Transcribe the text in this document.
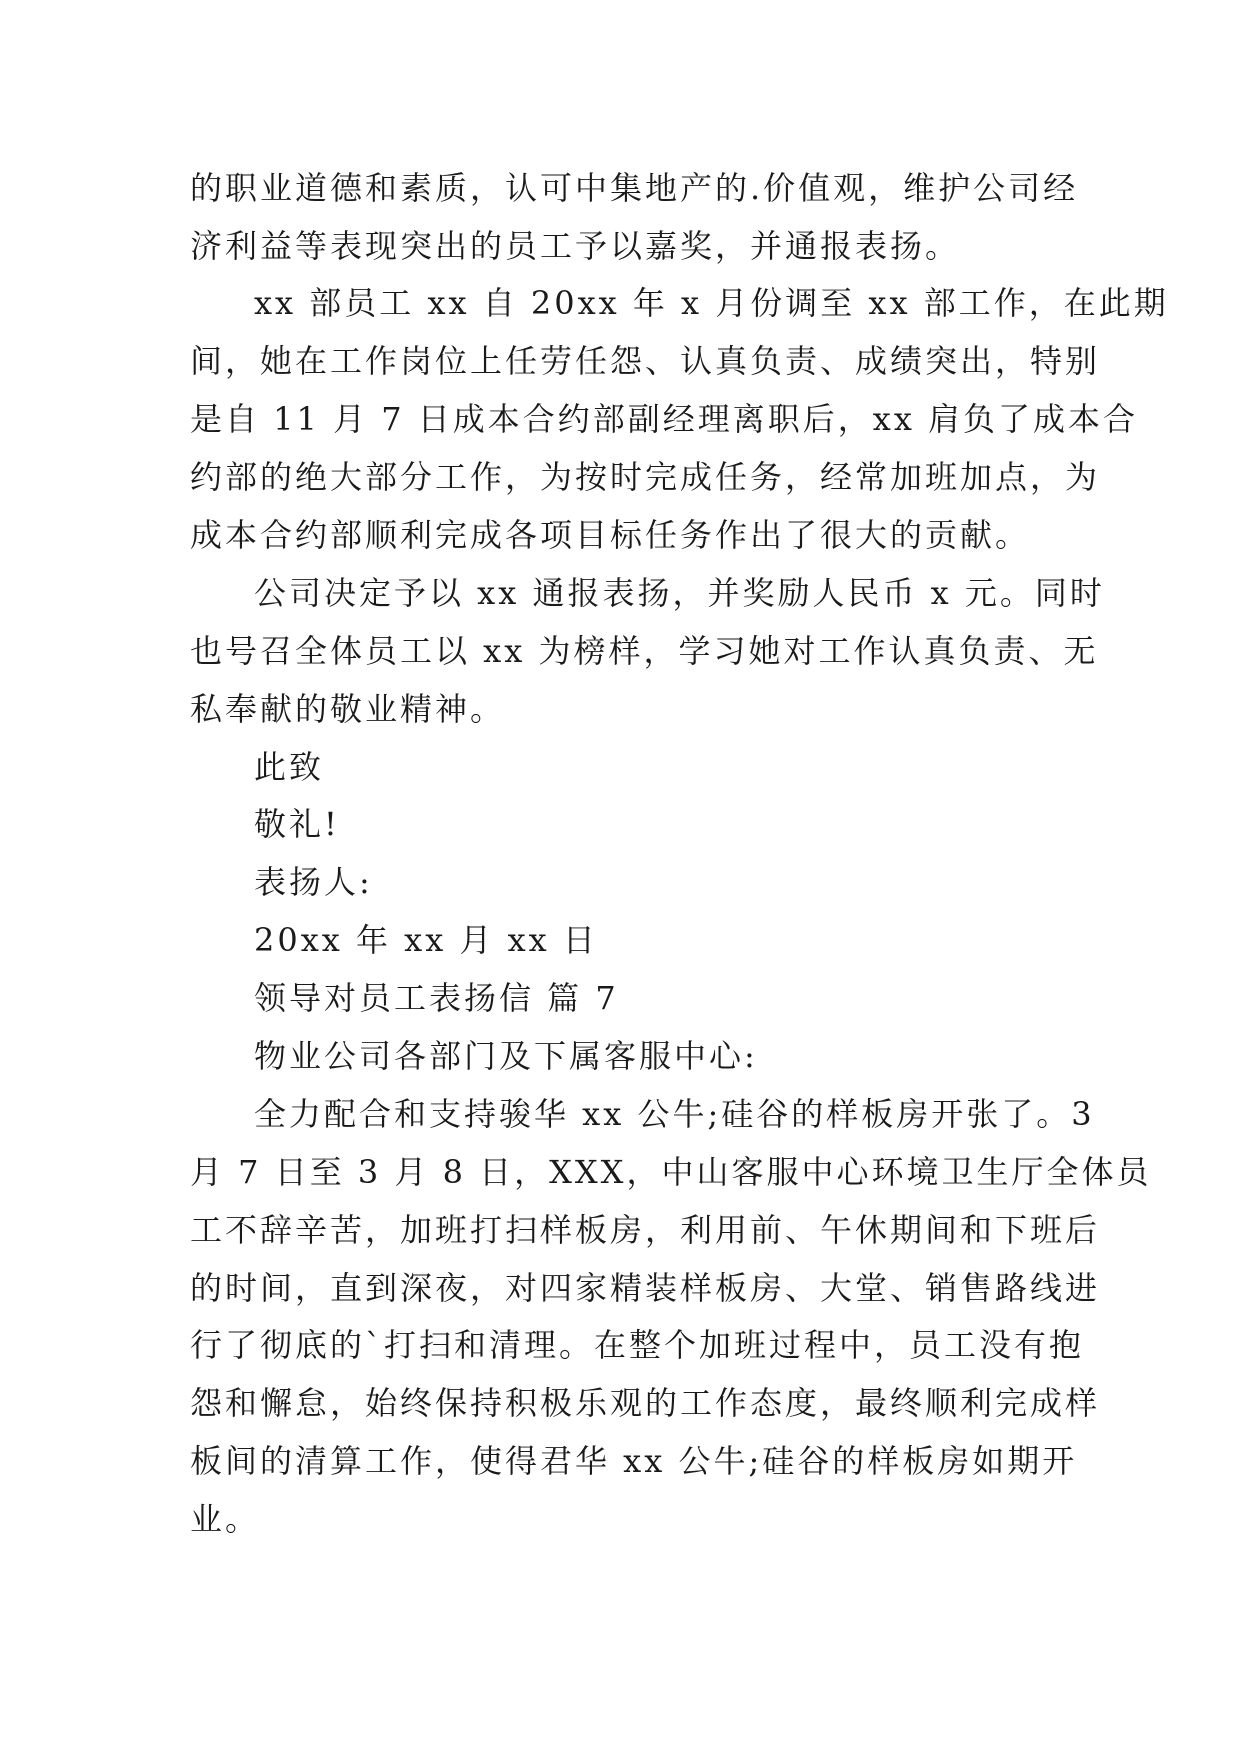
的职业道德和素质，认可中集地产的.价值观，维护公司经
济利益等表现突出的员工予以嘉奖，并通报表扬。
xx 部员工 xx 自 20xx 年 x 月份调至 xx 部工作，在此期
间，她在工作岗位上任劳任怨、认真负责、成绩突出，特别
是自 11 月 7 日成本合约部副经理离职后，xx 肩负了成本合
约部的绝大部分工作，为按时完成任务，经常加班加点，为
成本合约部顺利完成各项目标任务作出了很大的贡献。
公司决定予以 xx 通报表扬，并奖励人民币 x 元。同时
也号召全体员工以 xx 为榜样，学习她对工作认真负责、无
私奉献的敬业精神。
此致
敬礼!
表扬人:
20xx 年 xx 月 xx 日
领导对员工表扬信 篇 7
物业公司各部门及下属客服中心:
全力配合和支持骏华 xx 公牛;硅谷的样板房开张了。3
月 7 日至 3 月 8 日，XXX，中山客服中心环境卫生厅全体员
工不辞辛苦，加班打扫样板房，利用前、午休期间和下班后
的时间，直到深夜，对四家精装样板房、大堂、销售路线进
行了彻底的`打扫和清理。在整个加班过程中，员工没有抱
怨和懈怠，始终保持积极乐观的工作态度，最终顺利完成样
板间的清算工作，使得君华 xx 公牛;硅谷的样板房如期开
业。
